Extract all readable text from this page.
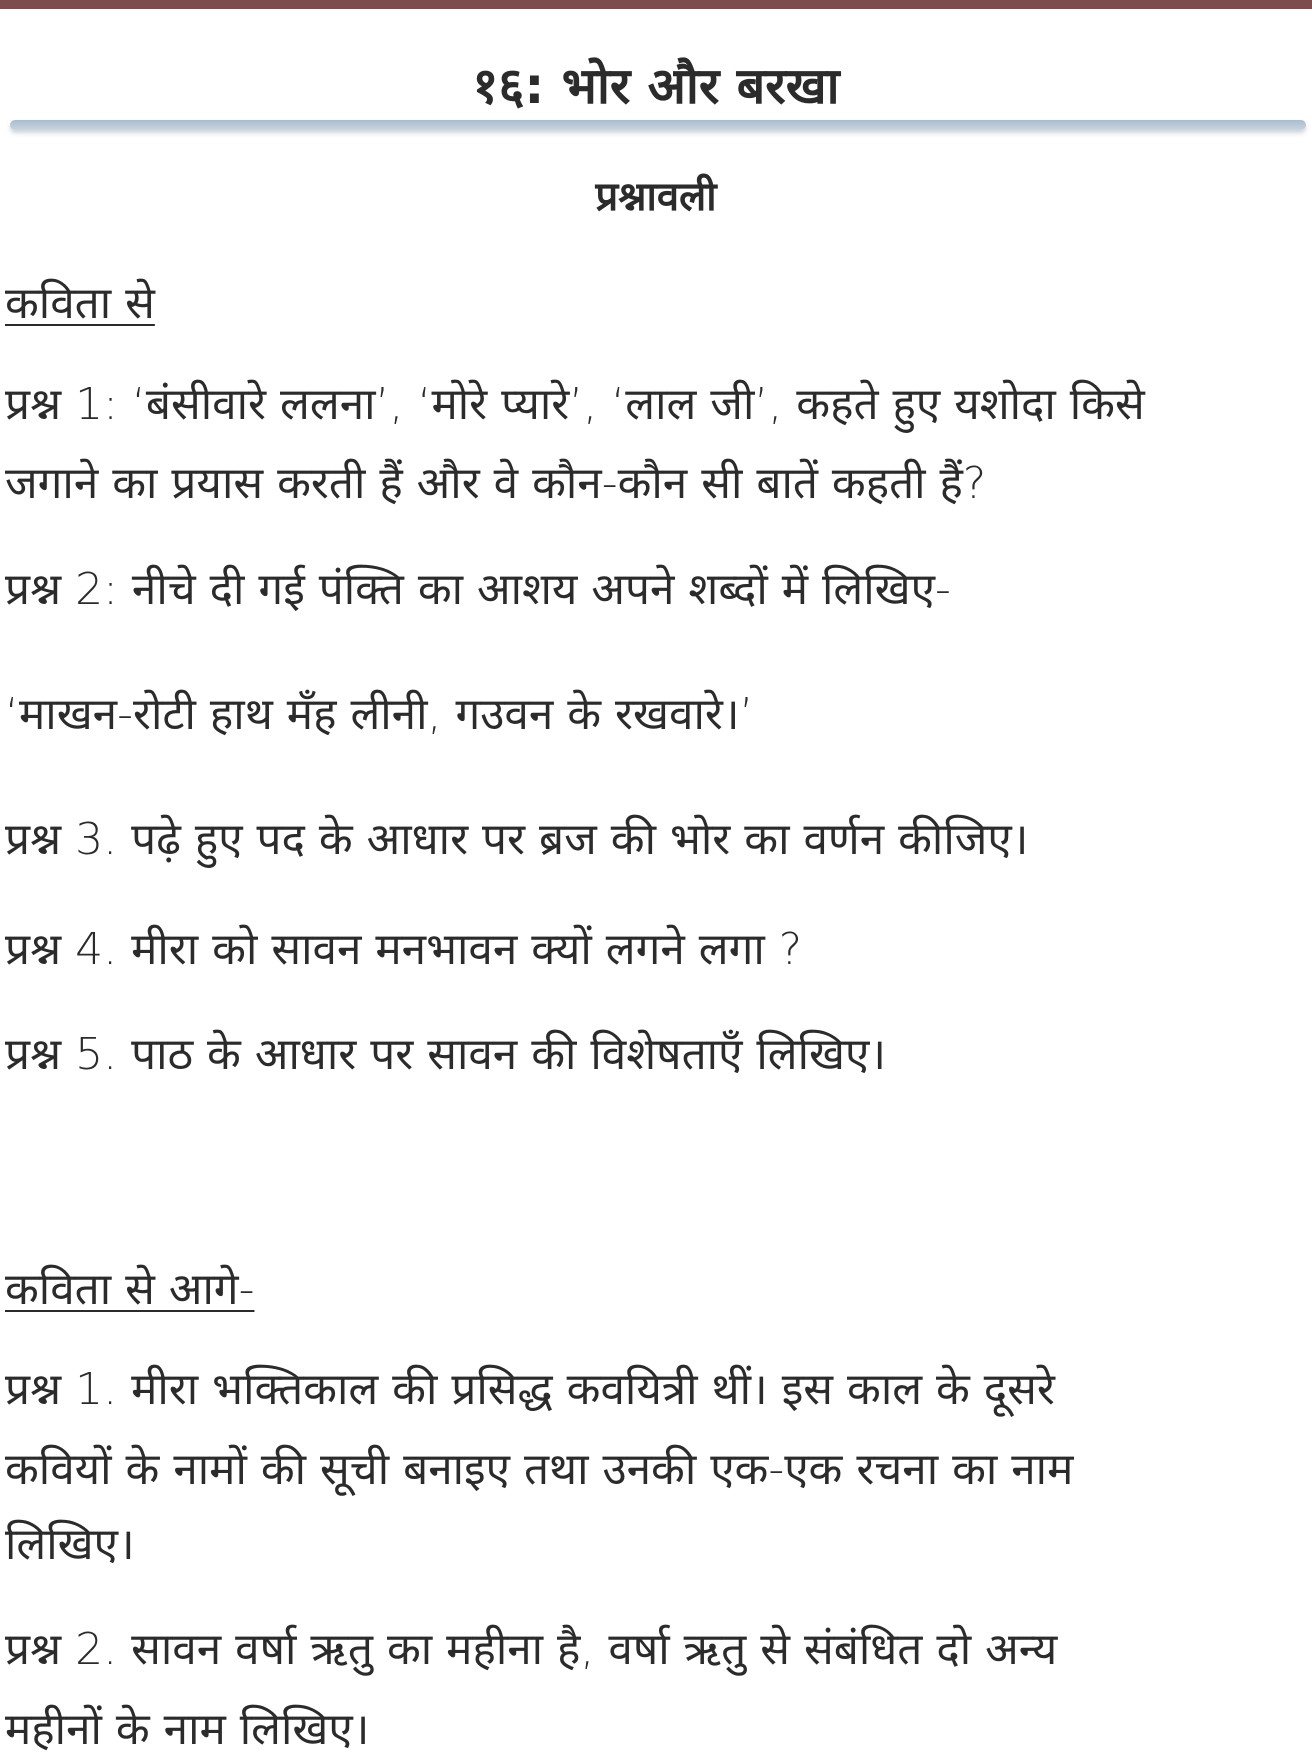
१६: भोर और बरखा
प्रश्नावली
कविता से
प्रश्न 1: ‘बंसीवारे ललना’, ‘मोरे प्यारे’, ‘लाल जी’, कहते हुए यशोदा किसे
जगाने का प्रयास करती हैं और वे कौन-कौन सी बातें कहती हैं?
प्रश्न 2: नीचे दी गई पंक्ति का आशय अपने शब्दों में लिखिए-
‘माखन-रोटी हाथ मँह लीनी, गउवन के रखवारे।’
प्रश्न 3. पढ़े हुए पद के आधार पर ब्रज की भोर का वर्णन कीजिए।
प्रश्न 4. मीरा को सावन मनभावन क्यों लगने लगा ?
प्रश्न 5. पाठ के आधार पर सावन की विशेषताएँ लिखिए।
कविता से आगे-
प्रश्न 1. मीरा भक्तिकाल की प्रसिद्ध कवयित्री थीं। इस काल के दूसरे
कवियों के नामों की सूची बनाइए तथा उनकी एक-एक रचना का नाम
लिखिए।
प्रश्न 2. सावन वर्षा ऋतु का महीना है, वर्षा ऋतु से संबंधित दो अन्य
महीनों के नाम लिखिए।
